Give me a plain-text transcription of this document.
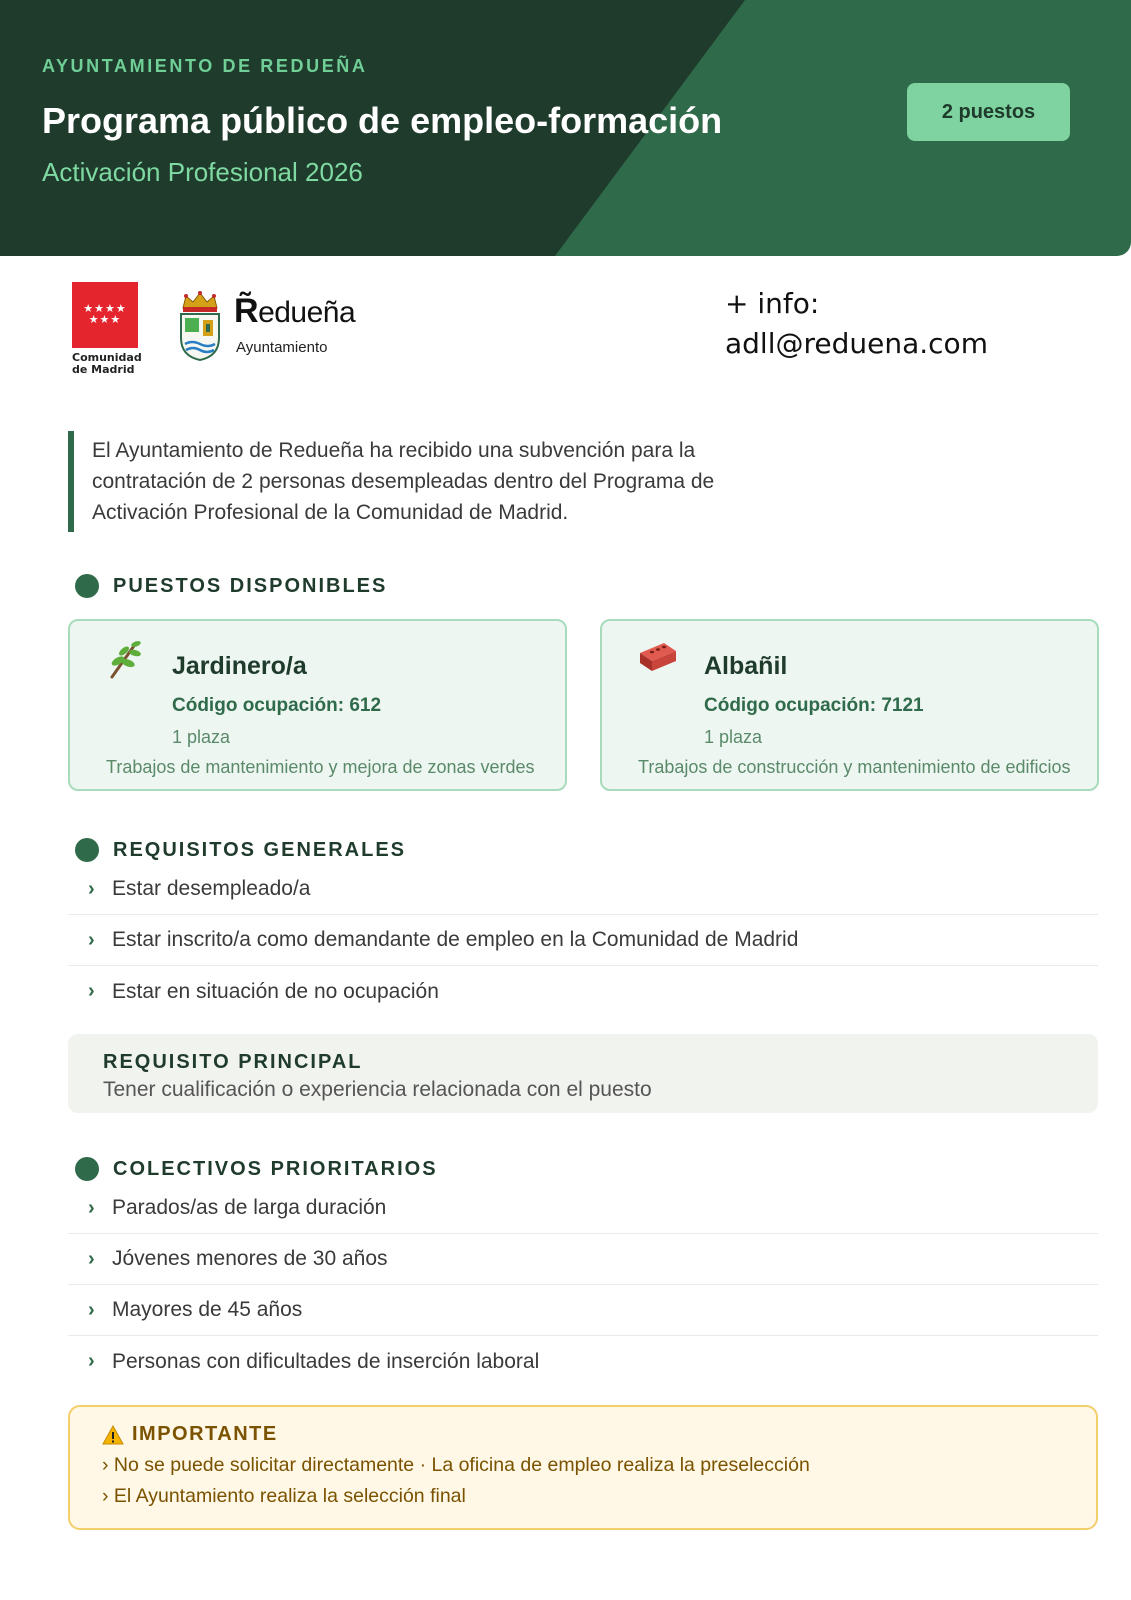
AYUNTAMIENTO DE REDUEÑA
Programa público de empleo-formación
Activación Profesional 2026
2 puestos
★★★★
★★★
Comunidad
de Madrid
R̃edueña
Ayuntamiento
+ info:
adll@reduena.com
El Ayuntamiento de Redueña ha recibido una subvención para la contratación de 2 personas desempleadas dentro del Programa de Activación Profesional de la Comunidad de Madrid.
PUESTOS DISPONIBLES
Jardinero/a
Código ocupación: 612
1 plaza
Trabajos de mantenimiento y mejora de zonas verdes
Albañil
Código ocupación: 7121
1 plaza
Trabajos de construcción y mantenimiento de edificios
REQUISITOS GENERALES
› Estar desempleado/a
› Estar inscrito/a como demandante de empleo en la Comunidad de Madrid
› Estar en situación de no ocupación
REQUISITO PRINCIPAL
Tener cualificación o experiencia relacionada con el puesto
COLECTIVOS PRIORITARIOS
› Parados/as de larga duración
› Jóvenes menores de 30 años
› Mayores de 45 años
› Personas con dificultades de inserción laboral
IMPORTANTE
› No se puede solicitar directamente · La oficina de empleo realiza la preselección
› El Ayuntamiento realiza la selección final
